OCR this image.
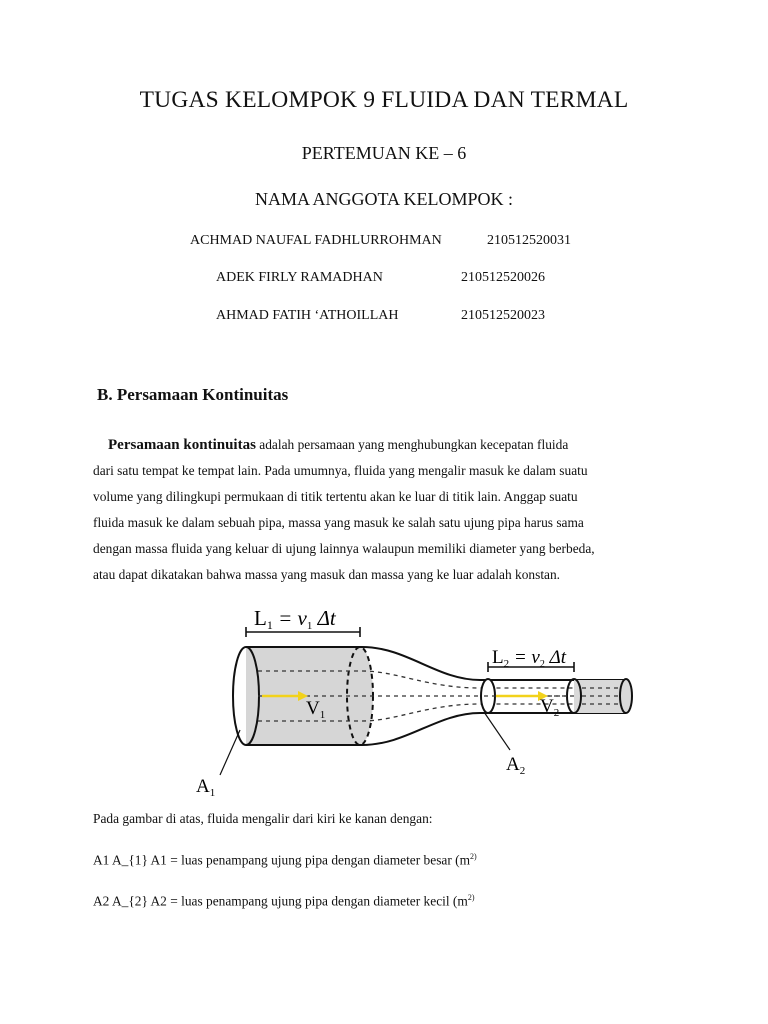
TUGAS KELOMPOK 9 FLUIDA DAN TERMAL
PERTEMUAN KE – 6
NAMA ANGGOTA KELOMPOK :
ACHMAD NAUFAL FADHLURROHMAN	210512520031
ADEK FIRLY RAMADHAN	210512520026
AHMAD FATIH ‘ATHOILLAH	210512520023
B. Persamaan Kontinuitas
Persamaan kontinuitas adalah persamaan yang menghubungkan kecepatan fluida
dari satu tempat ke tempat lain. Pada umumnya, fluida yang mengalir masuk ke dalam suatu
volume yang dilingkupi permukaan di titik tertentu akan ke luar di titik lain. Anggap suatu
fluida masuk ke dalam sebuah pipa, massa yang masuk ke salah satu ujung pipa harus sama
dengan massa fluida yang keluar di ujung lainnya walaupun memiliki diameter yang berbeda,
atau dapat dikatakan bahwa massa yang masuk dan massa yang ke luar adalah konstan.
L1 = v1 Δt
$L_2 = v_2$ Δt
$V_1$	$V_2$
$A_1$
$A_2$
Pada gambar di atas, fluida mengalir dari kiri ke kanan dengan:
A1 A_{1} A1 = luas penampang ujung pipa dengan diameter besar ($m^{2)}$
A2 A_{2} A2 = luas penampang ujung pipa dengan diameter kecil ($m^{2)}$
